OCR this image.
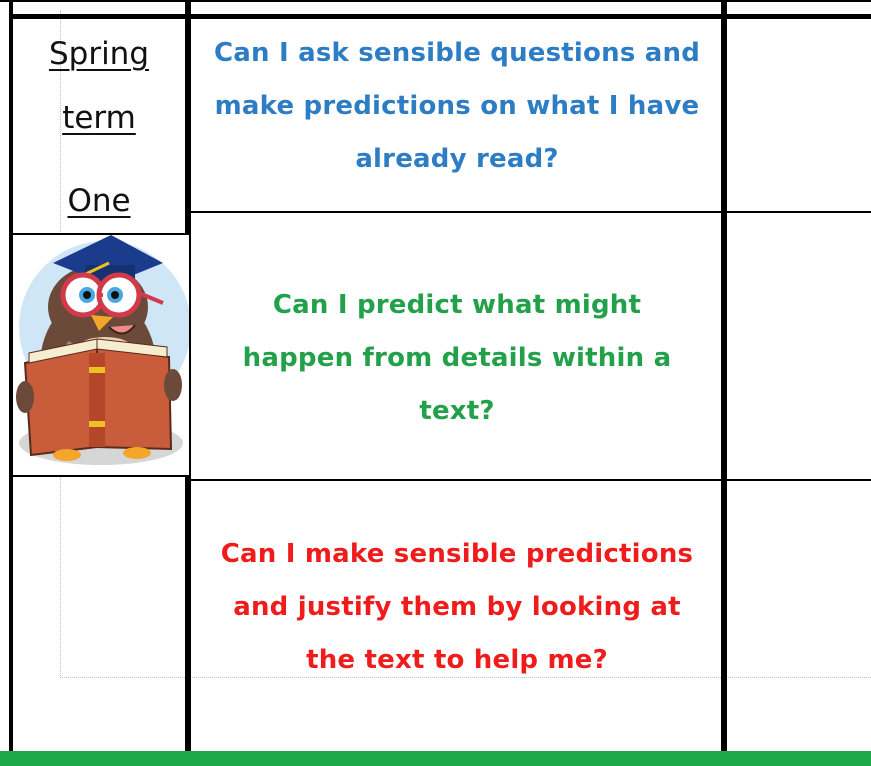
Spring
term
One
Can I ask sensible questions and
make predictions on what I have
already read?
Can I predict what might
happen from details within a
text?
Can I make sensible predictions
and justify them by looking at
the text to help me?
